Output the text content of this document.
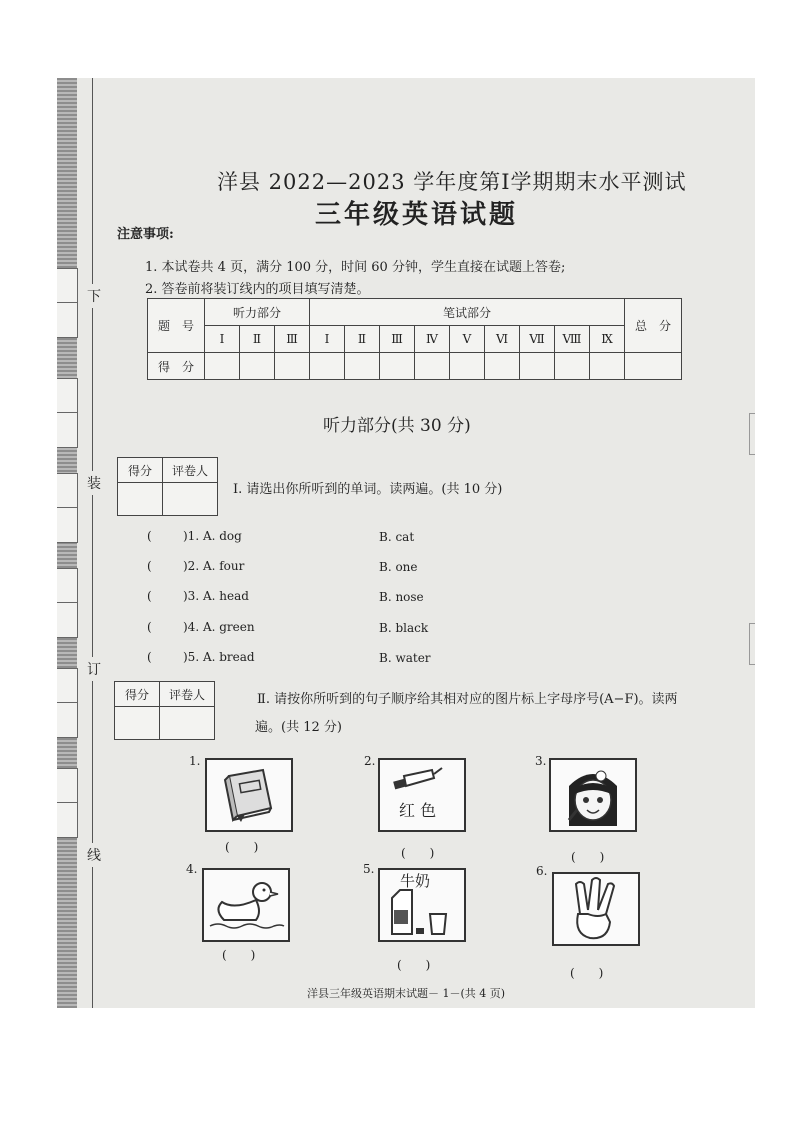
下
装
订
线
洋县 2022—2023 学年度第Ⅰ学期期末水平测试
三年级英语试题
注意事项:
1. 本试卷共 4 页，满分 100 分，时间 60 分钟，学生直接在试题上答卷;
2. 答卷前将装订线内的项目填写清楚。
题　号	听力部分			笔试部分									总　分
	Ⅰ	Ⅱ	Ⅲ	Ⅰ	Ⅱ	Ⅲ	Ⅳ	Ⅴ	Ⅵ	Ⅶ	Ⅷ	Ⅸ	
得　分													
听力部分(共 30 分)
得分	评卷人

Ⅰ. 请选出你所听到的单词。读两遍。(共 10 分)
(	)1. A. dog	B. cat
(	)2. A. four	B. one
(	)3. A. head	B. nose
(	)4. A. green	B. black
(	)5. A. bread	B. water
得分	评卷人
		Ⅱ. 请按你所听到的句子顺序给其相对应的图片标上字母序号(A−F)。读两
遍。(共 12 分)
1.
(　　)
2.
红 色
(　　)
3.
(　　)
4.
(　　)
5.
牛奶
(　　)
6.
(　　)
洋县三年级英语期末试题－ 1－(共 4 页)
